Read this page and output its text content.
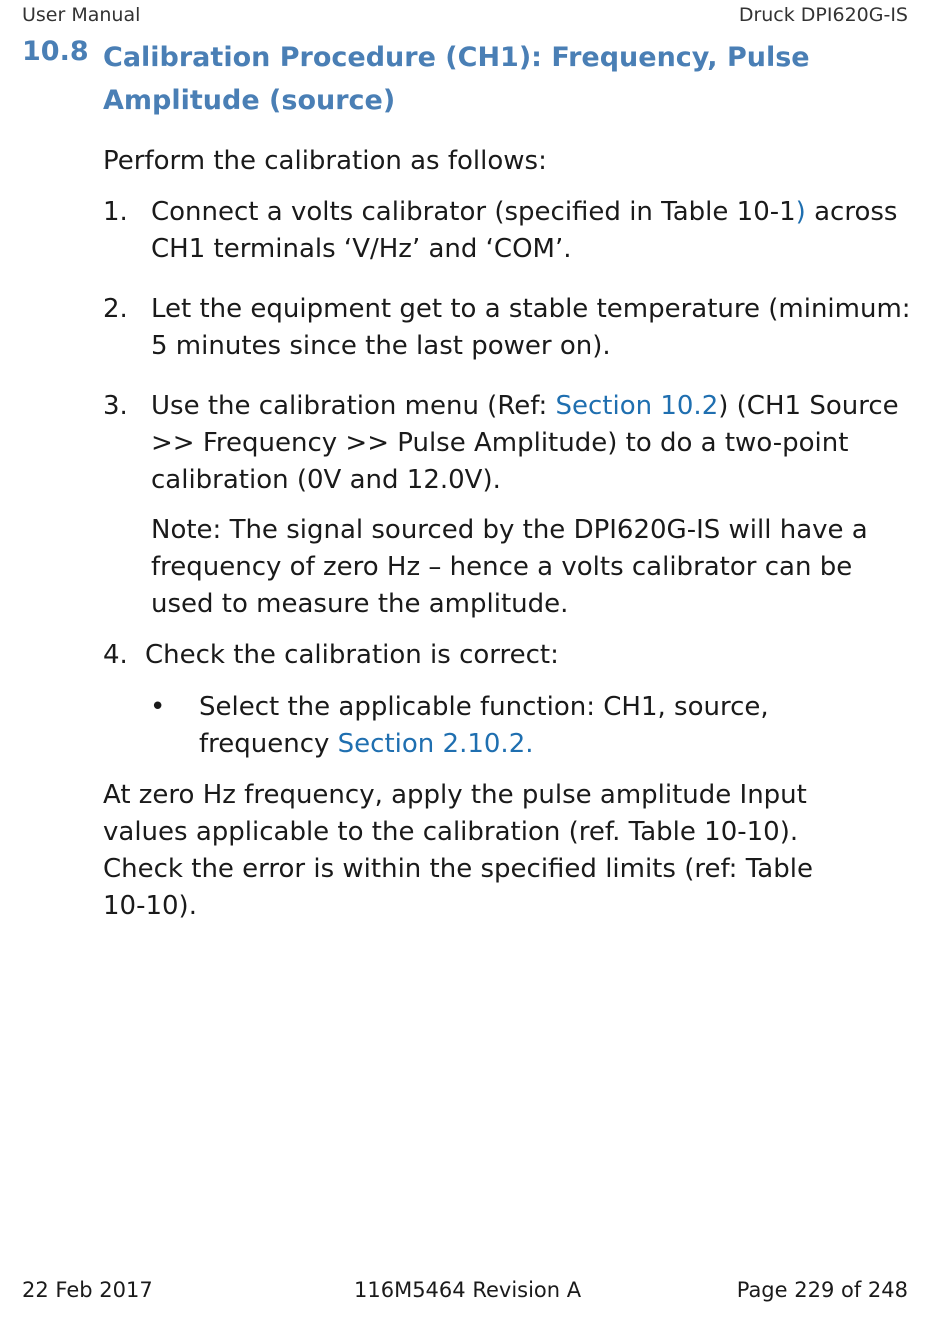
User Manual	Druck DPI620G-IS
10.8 Calibration Procedure (CH1): Frequency, Pulse Amplitude (source)
Perform the calibration as follows:
1. Connect a volts calibrator (specified in Table 10-1) across CH1 terminals ‘V/Hz’ and ‘COM’.
2. Let the equipment get to a stable temperature (minimum: 5 minutes since the last power on).
3. Use the calibration menu (Ref: Section 10.2) (CH1 Source >> Frequency >> Pulse Amplitude) to do a two-point calibration (0V and 12.0V).
Note: The signal sourced by the DPI620G-IS will have a frequency of zero Hz – hence a volts calibrator can be used to measure the amplitude.
4. Check the calibration is correct:
• Select the applicable function: CH1, source, frequency Section 2.10.2.
At zero Hz frequency, apply the pulse amplitude Input values applicable to the calibration (ref. Table 10-10). Check the error is within the specified limits (ref: Table 10-10).
22 Feb 2017	116M5464 Revision A	Page 229 of 248
